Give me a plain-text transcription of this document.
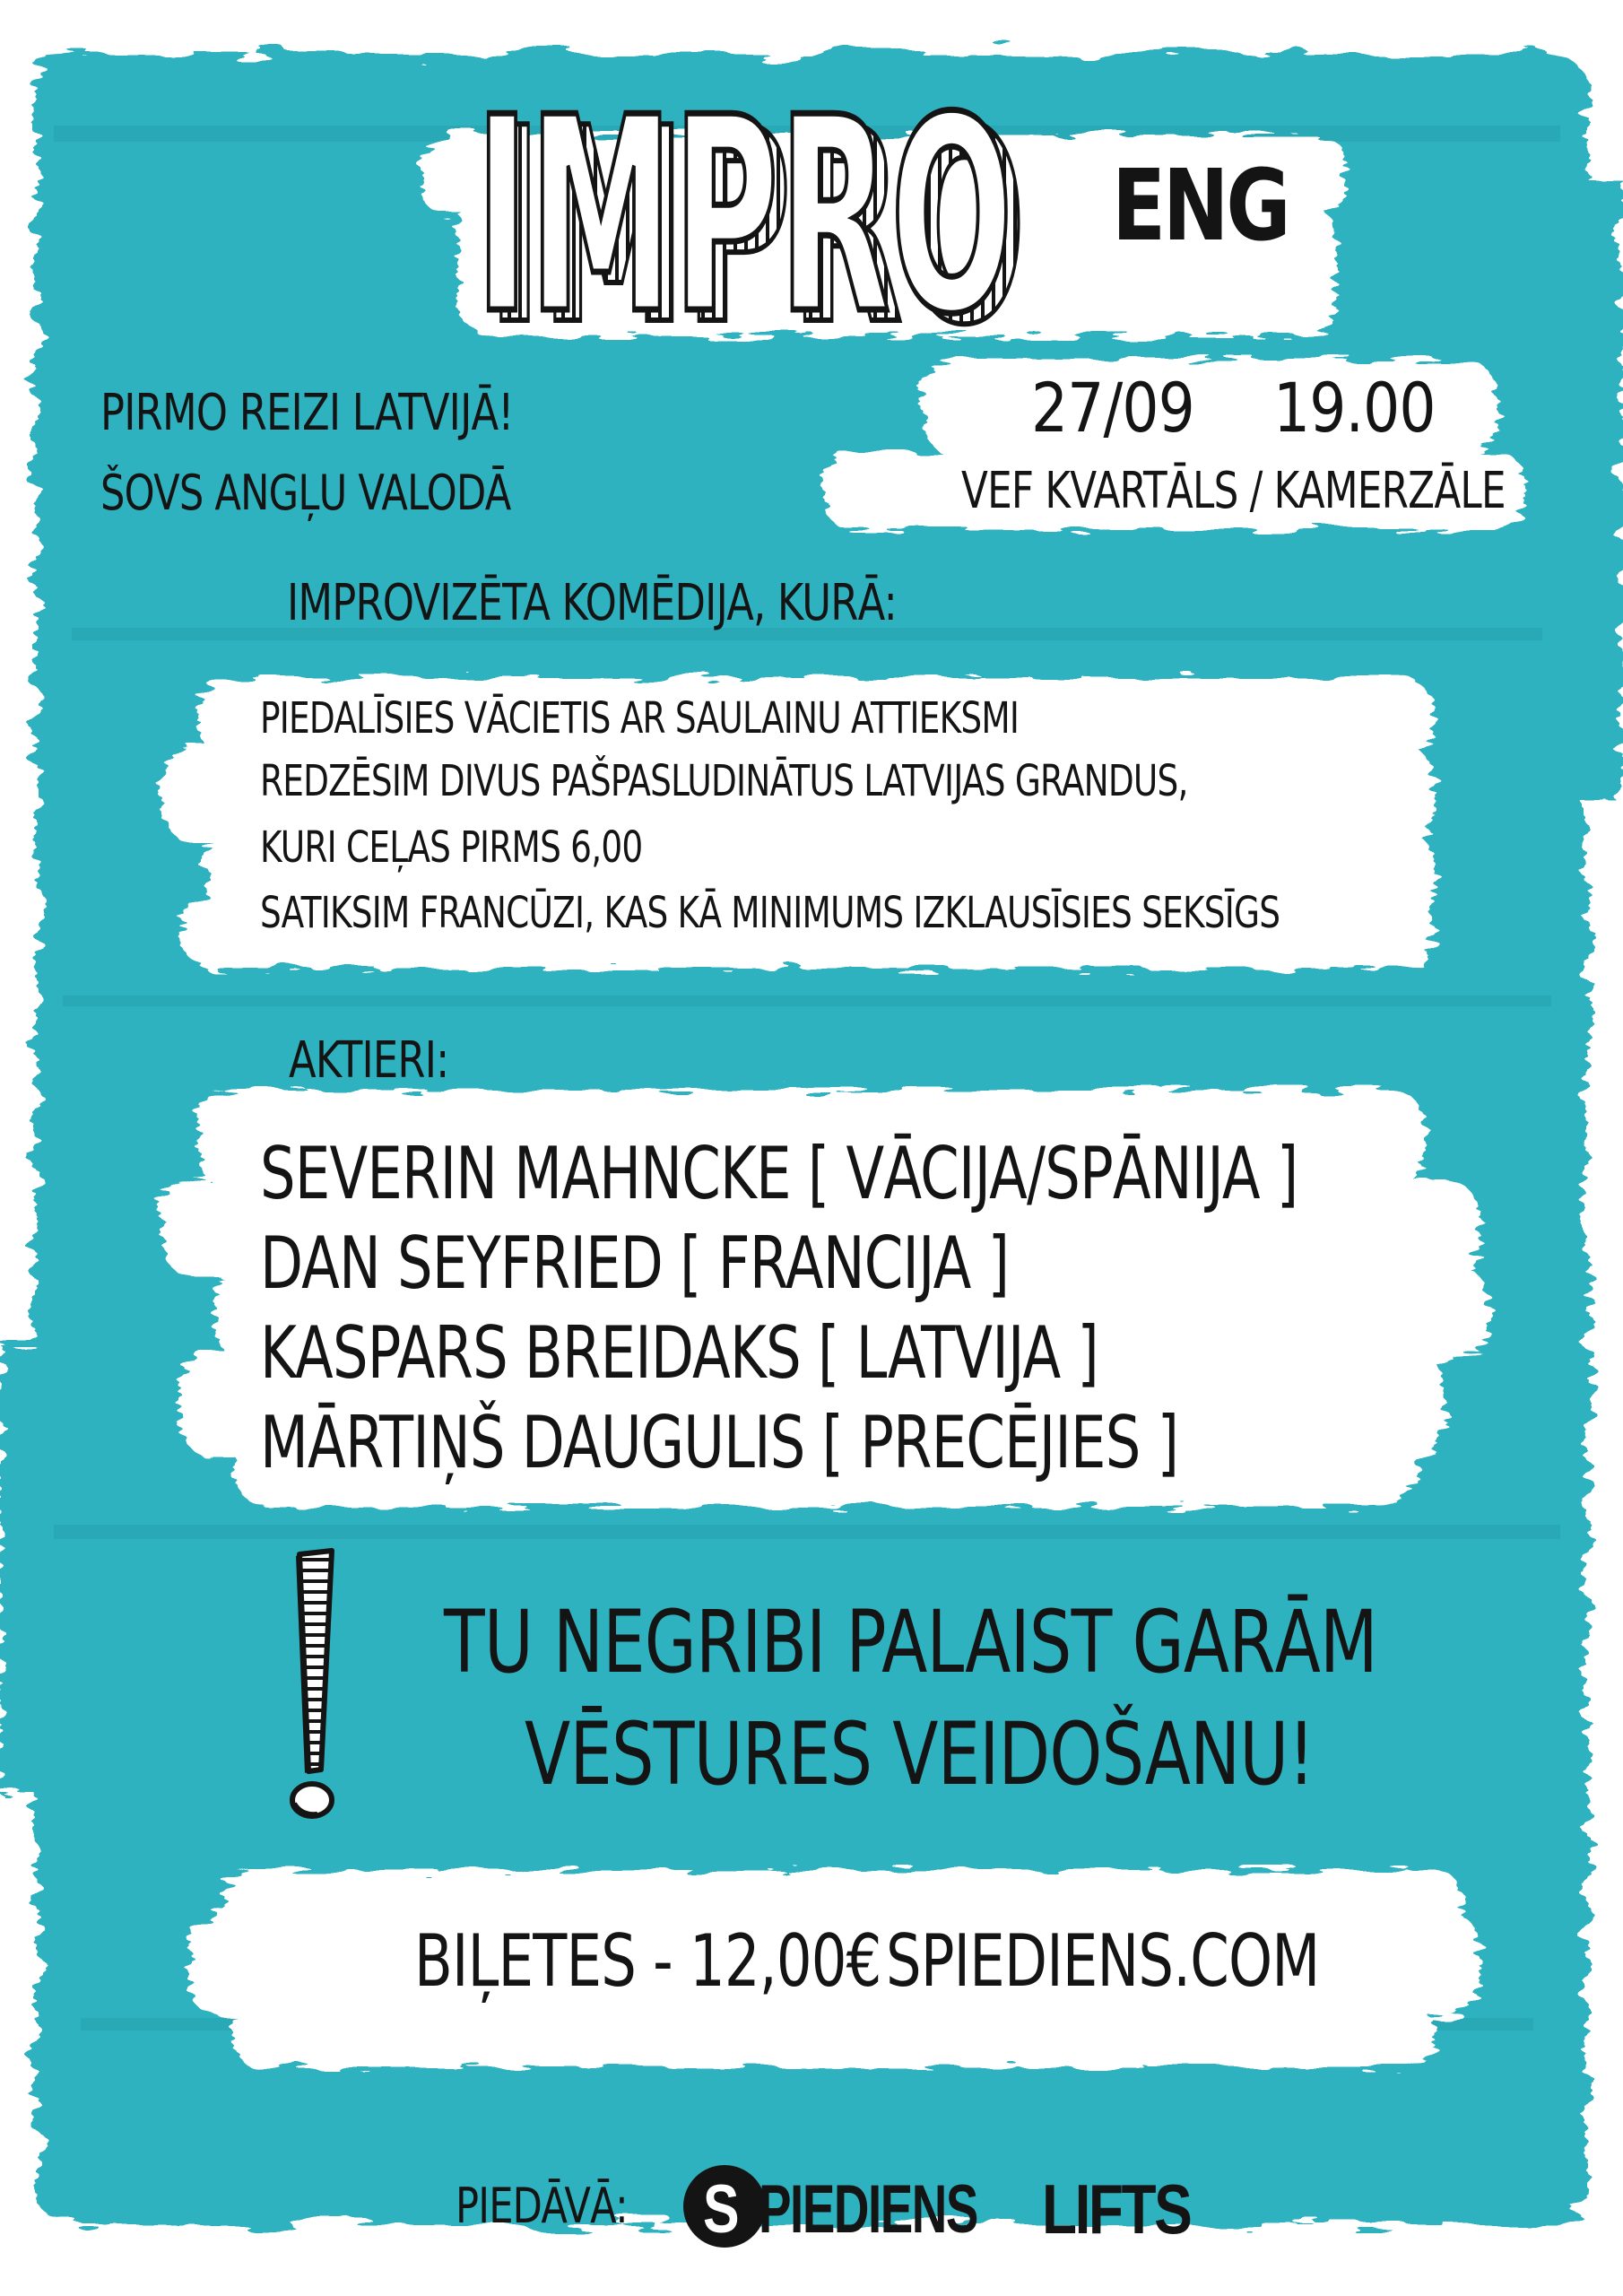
IMPRO
IMPRO ENG
PIRMO REIZI LATVIJĀ!
ŠOVS ANGĻU VALODĀ
27/09 19.00
VEF KVARTĀLS / KAMERZĀLE
IMPROVIZĒTA KOMĒDIJA, KURĀ:
PIEDALĪSIES VĀCIETIS AR SAULAINU ATTIEKSMI
REDZĒSIM DIVUS PAŠPASLUDINĀTUS LATVIJAS GRANDUS,
KURI CEĻAS PIRMS 6,00
SATIKSIM FRANCŪZI, KAS KĀ MINIMUMS IZKLAUSĪSIES SEKSĪGS
AKTIERI:
SEVERIN MAHNCKE [ VĀCIJA/SPĀNIJA ]
DAN SEYFRIED [ FRANCIJA ]
KASPARS BREIDAKS [ LATVIJA ]
MĀRTIŅŠ DAUGULIS [ PRECĒJIES ]
TU NEGRIBI PALAIST GARĀM
VĒSTURES VEIDOŠANU!
BIĻETES - 12,00€ SPIEDIENS.COM
PIEDĀVĀ: S PIEDIENS LIFTS
